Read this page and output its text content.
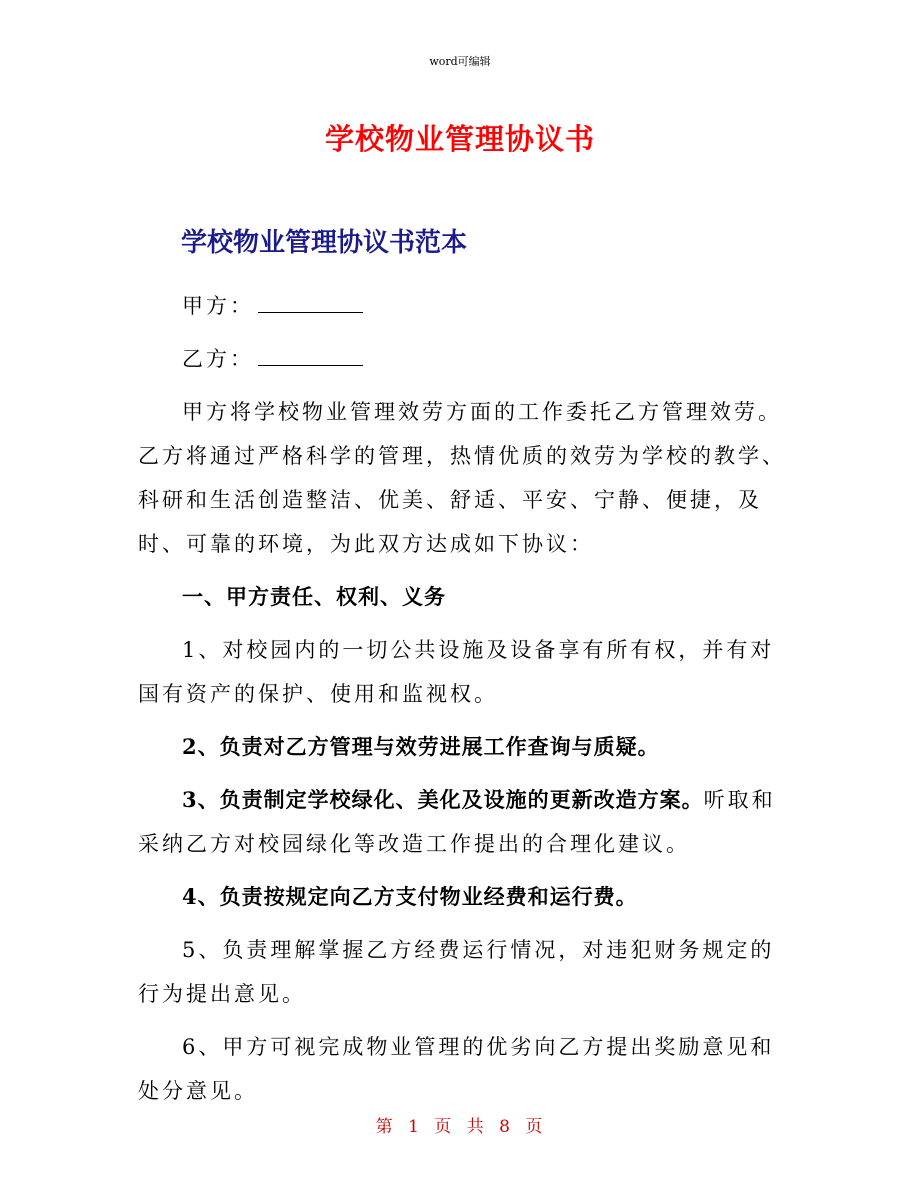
word可编辑
学校物业管理协议书
学校物业管理协议书范本

甲方：

乙方：

甲方将学校物业管理效劳方面的工作委托乙方管理效劳。乙方将通过严格科学的管理，热情优质的效劳为学校的教学、科研和生活创造整洁、优美、舒适、平安、宁静、便捷，及时、可靠的环境，为此双方达成如下协议：

一、甲方责任、权利、义务

1、对校园内的一切公共设施及设备享有所有权，并有对国有资产的保护、使用和监视权。

2、负责对乙方管理与效劳进展工作查询与质疑。

3、负责制定学校绿化、美化及设施的更新改造方案。听取和采纳乙方对校园绿化等改造工作提出的合理化建议。

4、负责按规定向乙方支付物业经费和运行费。

5、负责理解掌握乙方经费运行情况，对违犯财务规定的行为提出意见。

6、甲方可视完成物业管理的优劣向乙方提出奖励意见和处分意见。

第 1 页 共 8 页
